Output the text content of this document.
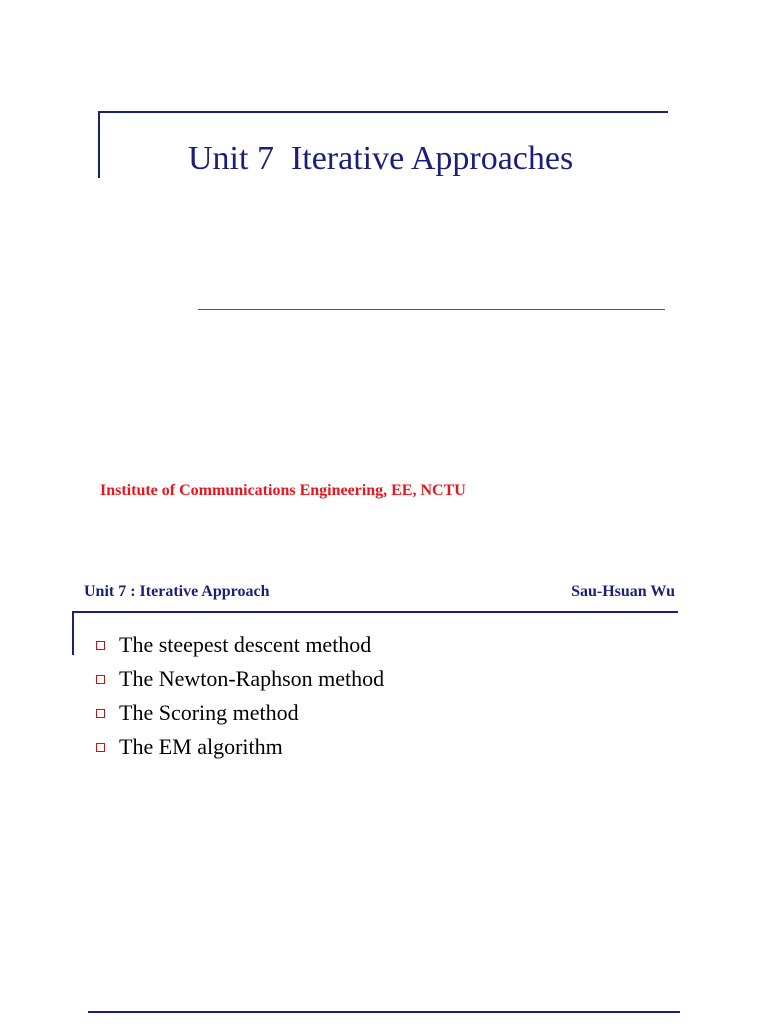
Unit 7  Iterative Approaches
Institute of Communications Engineering, EE, NCTU
Unit 7 : Iterative Approach	Sau-Hsuan Wu
The steepest descent method
The Newton-Raphson method
The Scoring method
The EM algorithm
